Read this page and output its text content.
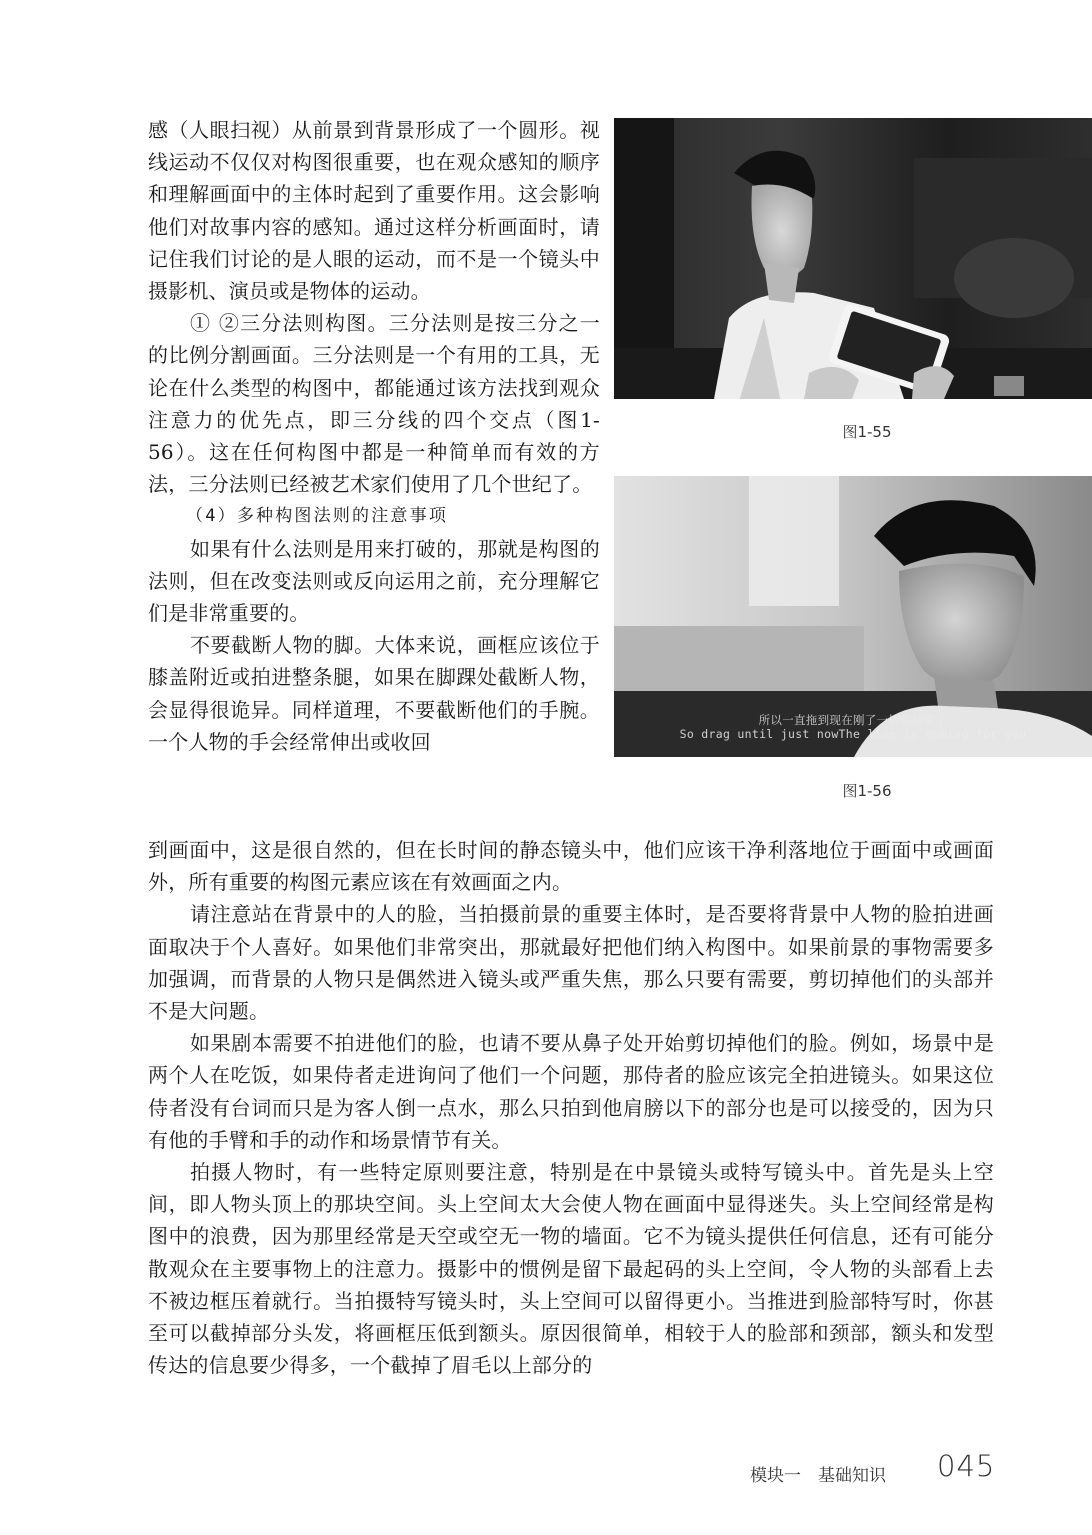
感（人眼扫视）从前景到背景形成了一个圆形。视线运动不仅仅对构图很重要，也在观众感知的顺序和理解画面中的主体时起到了重要作用。这会影响他们对故事内容的感知。通过这样分析画面时，请记住我们讨论的是人眼的运动，而不是一个镜头中摄影机、演员或是物体的运动。

① ②三分法则构图。三分法则是按三分之一的比例分割画面。三分法则是一个有用的工具，无论在什么类型的构图中，都能通过该方法找到观众注意力的优先点，即三分线的四个交点（图1-56）。这在任何构图中都是一种简单而有效的方法，三分法则已经被艺术家们使用了几个世纪了。

（4）多种构图法则的注意事项

如果有什么法则是用来打破的，那就是构图的法则，但在改变法则或反向运用之前，充分理解它们是非常重要的。

不要截断人物的脚。大体来说，画框应该位于膝盖附近或拍进整条腿，如果在脚踝处截断人物，会显得很诡异。同样道理，不要截断他们的手腕。一个人物的手会经常伸出或收回

到画面中，这是很自然的，但在长时间的静态镜头中，他们应该干净利落地位于画面中或画面外，所有重要的构图元素应该在有效画面之内。

请注意站在背景中的人的脸，当拍摄前景的重要主体时，是否要将背景中人物的脸拍进画面取决于个人喜好。如果他们非常突出，那就最好把他们纳入构图中。如果前景的事物需要多加强调，而背景的人物只是偶然进入镜头或严重失焦，那么只要有需要，剪切掉他们的头部并不是大问题。

如果剧本需要不拍进他们的脸，也请不要从鼻子处开始剪切掉他们的脸。例如，场景中是两个人在吃饭，如果侍者走进询问了他们一个问题，那侍者的脸应该完全拍进镜头。如果这位侍者没有台词而只是为客人倒一点水，那么只拍到他肩膀以下的部分也是可以接受的，因为只有他的手臂和手的动作和场景情节有关。

拍摄人物时，有一些特定原则要注意，特别是在中景镜头或特写镜头中。首先是头上空间，即人物头顶上的那块空间。头上空间太大会使人物在画面中显得迷失。头上空间经常是构图中的浪费，因为那里经常是天空或空无一物的墙面。它不为镜头提供任何信息，还有可能分散观众在主要事物上的注意力。摄影中的惯例是留下最起码的头上空间，令人物的头部看上去不被边框压着就行。当拍摄特写镜头时，头上空间可以留得更小。当推进到脸部特写时，你甚至可以截掉部分头发，将画框压低到额头。原因很简单，相较于人的脸部和颈部，额头和发型传达的信息要少得多，一个截掉了眉毛以上部分的

图1-55
所以一直拖到现在刚了一切都结束了
So drag until just nowThe line is coming for you
图1-56
模块一　基础知识 045
